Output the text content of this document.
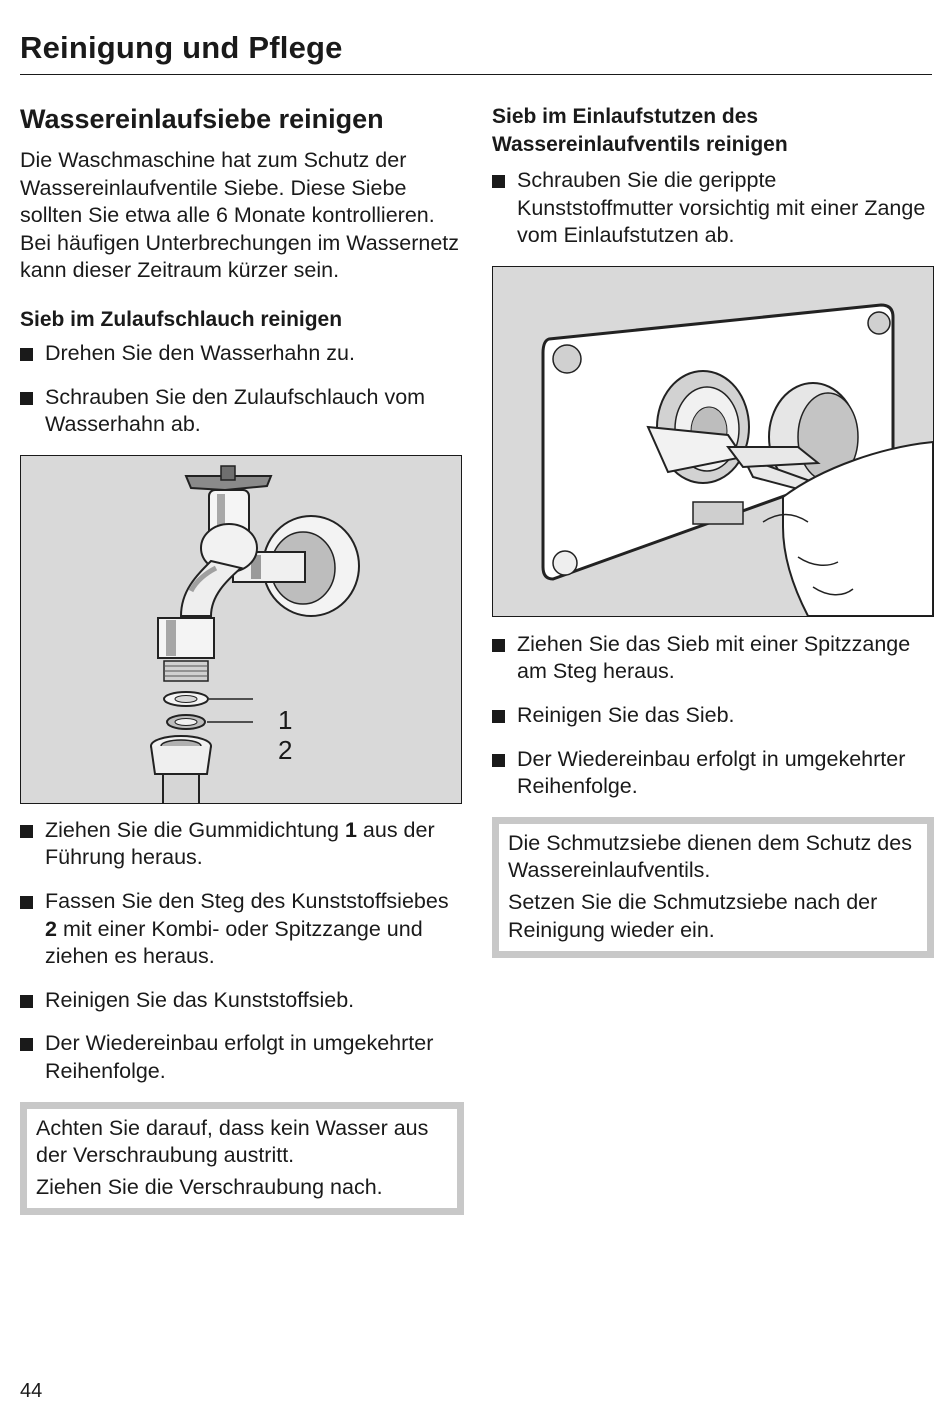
Reinigung und Pflege
Wassereinlaufsiebe reinigen

Die Waschmaschine hat zum Schutz der Wassereinlaufventile Siebe. Diese Siebe sollten Sie etwa alle 6 Monate kontrollieren. Bei häufigen Unterbrechungen im Wassernetz kann dieser Zeitraum kürzer sein.

Sieb im Zulaufschlauch reinigen
Drehen Sie den Wasserhahn zu.
Schrauben Sie den Zulaufschlauch vom Wasserhahn ab.
1
2
Ziehen Sie die Gummidichtung 1 aus der Führung heraus.
Fassen Sie den Steg des Kunststoffsiebes 2 mit einer Kombi- oder Spitzzange und ziehen es heraus.
Reinigen Sie das Kunststoffsieb.
Der Wiedereinbau erfolgt in umgekehrter Reihenfolge.

Achten Sie darauf, dass kein Wasser aus der Verschraubung austritt.

Ziehen Sie die Verschraubung nach.

Sieb im Einlaufstutzen des Wassereinlaufventils reinigen
Schrauben Sie die gerippte Kunststoffmutter vorsichtig mit einer Zange vom Einlaufstutzen ab.
Ziehen Sie das Sieb mit einer Spitzzange am Steg heraus.
Reinigen Sie das Sieb.
Der Wiedereinbau erfolgt in umgekehrter Reihenfolge.

Die Schmutzsiebe dienen dem Schutz des Wassereinlaufventils.

Setzen Sie die Schmutzsiebe nach der Reinigung wieder ein.

44
